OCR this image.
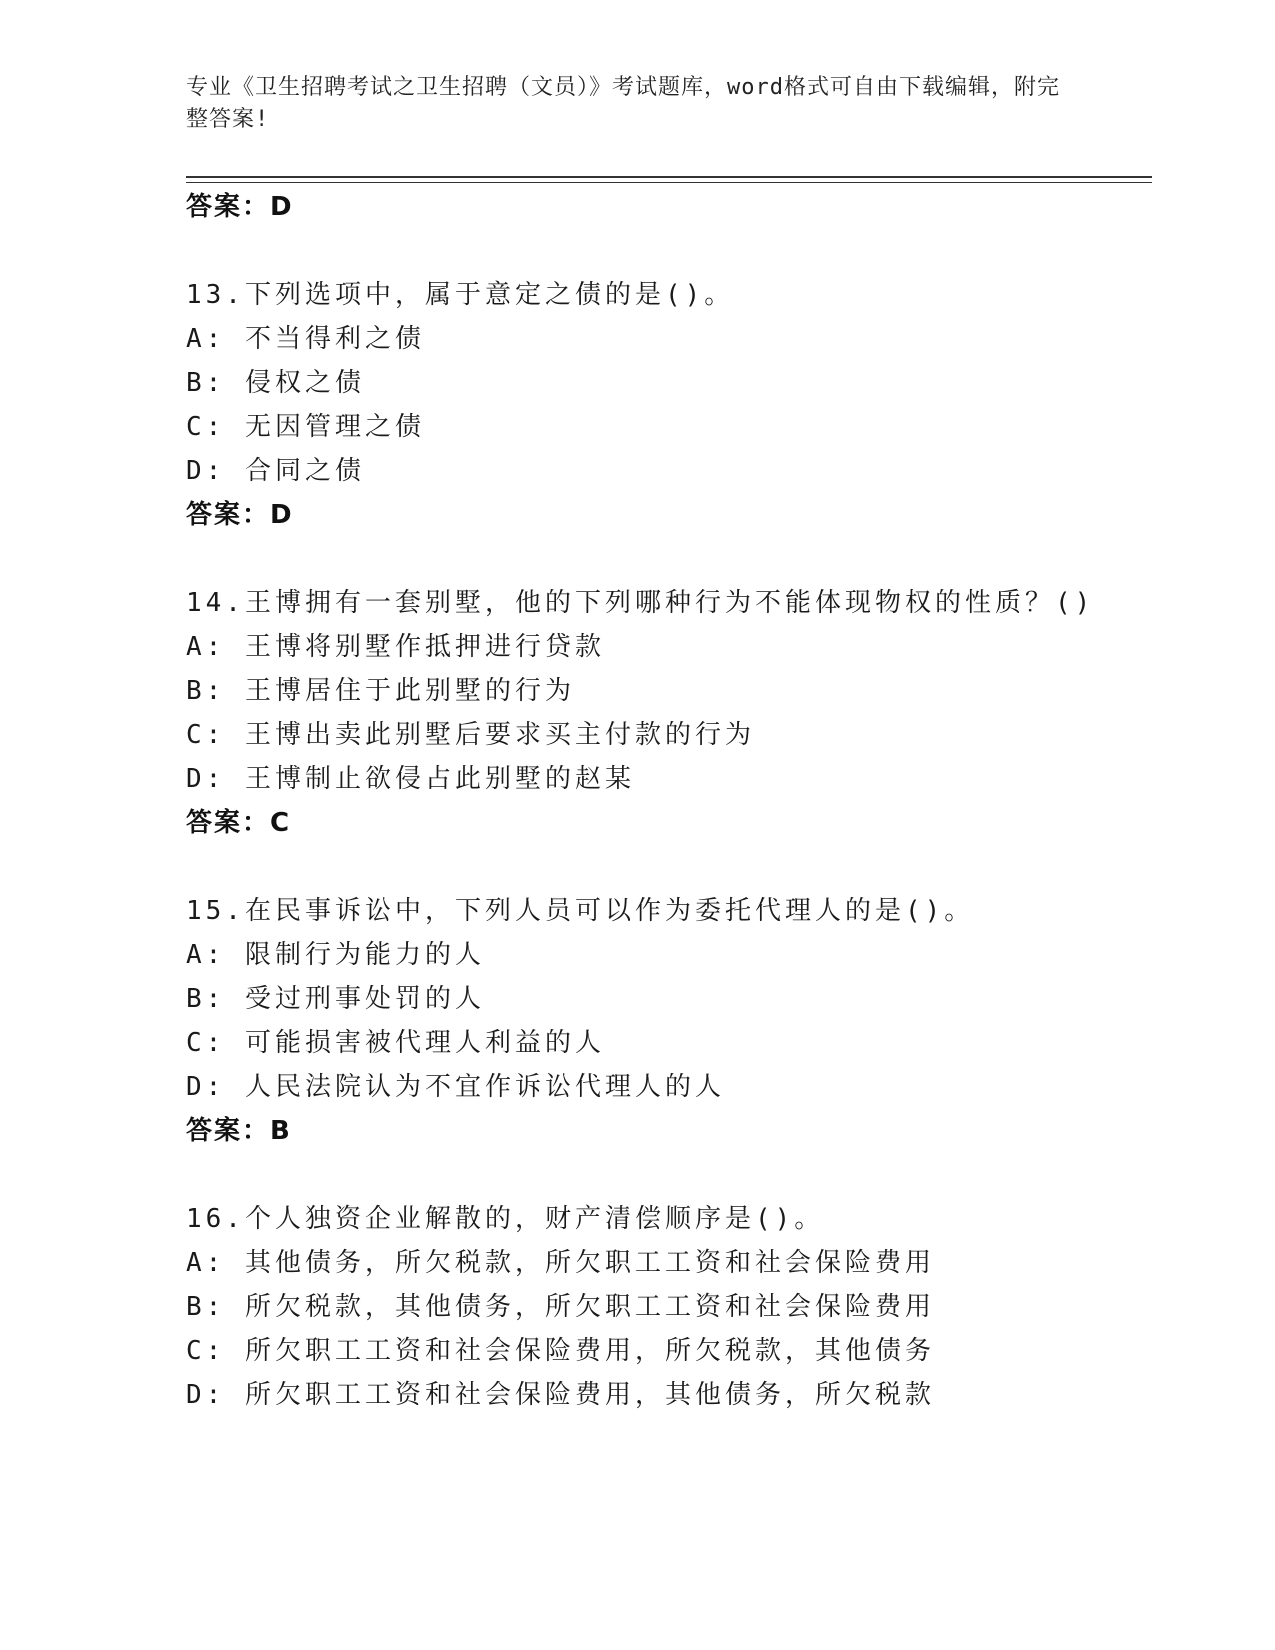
专业《卫生招聘考试之卫生招聘（文员）》考试题库，word格式可自由下载编辑，附完整答案!
答案：D
13.下列选项中，属于意定之债的是()。
A: 不当得利之债
B: 侵权之债
C: 无因管理之债
D: 合同之债
答案：D
14.王博拥有一套别墅，他的下列哪种行为不能体现物权的性质？()
A: 王博将别墅作抵押进行贷款
B: 王博居住于此别墅的行为
C: 王博出卖此别墅后要求买主付款的行为
D: 王博制止欲侵占此别墅的赵某
答案：C
15.在民事诉讼中，下列人员可以作为委托代理人的是()。
A: 限制行为能力的人
B: 受过刑事处罚的人
C: 可能损害被代理人利益的人
D: 人民法院认为不宜作诉讼代理人的人
答案：B
16.个人独资企业解散的，财产清偿顺序是()。
A: 其他债务，所欠税款，所欠职工工资和社会保险费用
B: 所欠税款，其他债务，所欠职工工资和社会保险费用
C: 所欠职工工资和社会保险费用，所欠税款，其他债务
D: 所欠职工工资和社会保险费用，其他债务，所欠税款
